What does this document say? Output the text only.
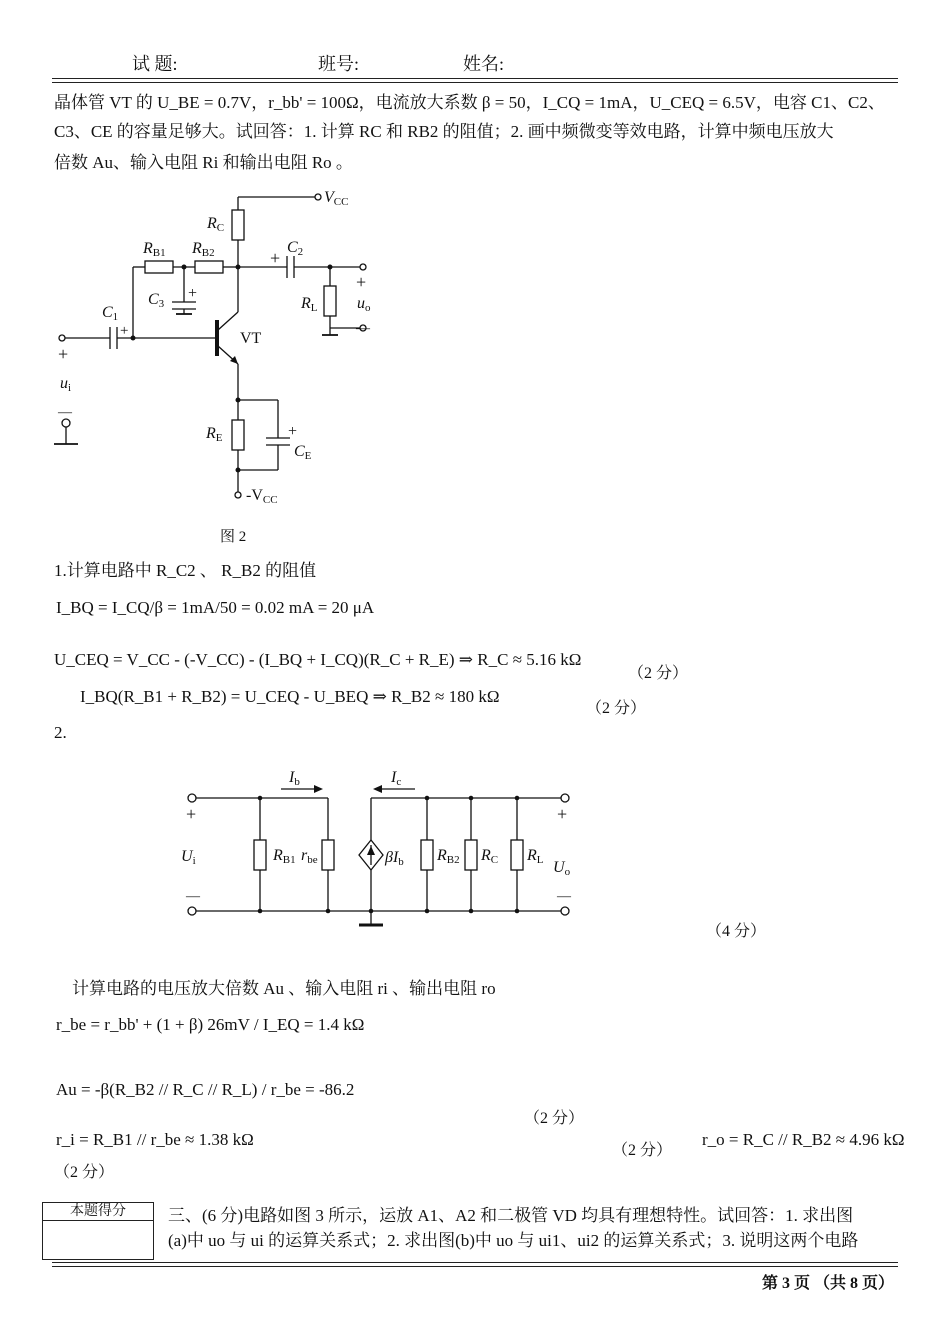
试 题:	班号:	姓名:
晶体管 VT 的 U_BE = 0.7V，r_bb' = 100Ω，电流放大系数 β = 50，I_CQ = 1mA，U_CEQ = 6.5V，电容 C1、C2、
C3、CE 的容量足够大。试回答：1. 计算 RC 和 RB2 的阻值；2. 画中频微变等效电路，计算中频电压放大
倍数 Au、输入电阻 Ri 和输出电阻 Ro 。
VCC
RC
RB1 RB2	C2
+
C3
+
RL
+
uo
—
C1
+	VT
+
ui
—
RE	+
CE
-VCC
图 2
1.计算电路中 R_C2 、 R_B2 的阻值
I_BQ = I_CQ/β = 1mA/50 = 0.02 mA = 20 μA
U_CEQ = V_CC - (-V_CC) - (I_BQ + I_CQ)(R_C + R_E) ⇒ R_C ≈ 5.16 kΩ
（2 分）
I_BQ(R_B1 + R_B2) = U_CEQ - U_BEQ ⇒ R_B2 ≈ 180 kΩ
（2 分）
2.
Ib	Ic
+
Ui
—
RB1 rbe	βIb RB2 RC RL
+
Uo
—
（4 分）
计算电路的电压放大倍数 Au 、输入电阻 ri 、输出电阻 ro
r_be = r_bb' + (1 + β) 26mV / I_EQ = 1.4 kΩ
Au = -β(R_B2 // R_C // R_L) / r_be = -86.2
（2 分）
r_i = R_B1 // r_be ≈ 1.38 kΩ
（2 分）
r_o = R_C // R_B2 ≈ 4.96 kΩ
（2 分）
本题得分	三、(6 分)电路如图 3 所示，运放 A1、A2 和二极管 VD 均具有理想特性。试回答：1. 求出图
(a)中 uo 与 ui 的运算关系式；2. 求出图(b)中 uo 与 ui1、ui2 的运算关系式；3. 说明这两个电路
第 3 页 （共 8 页）
